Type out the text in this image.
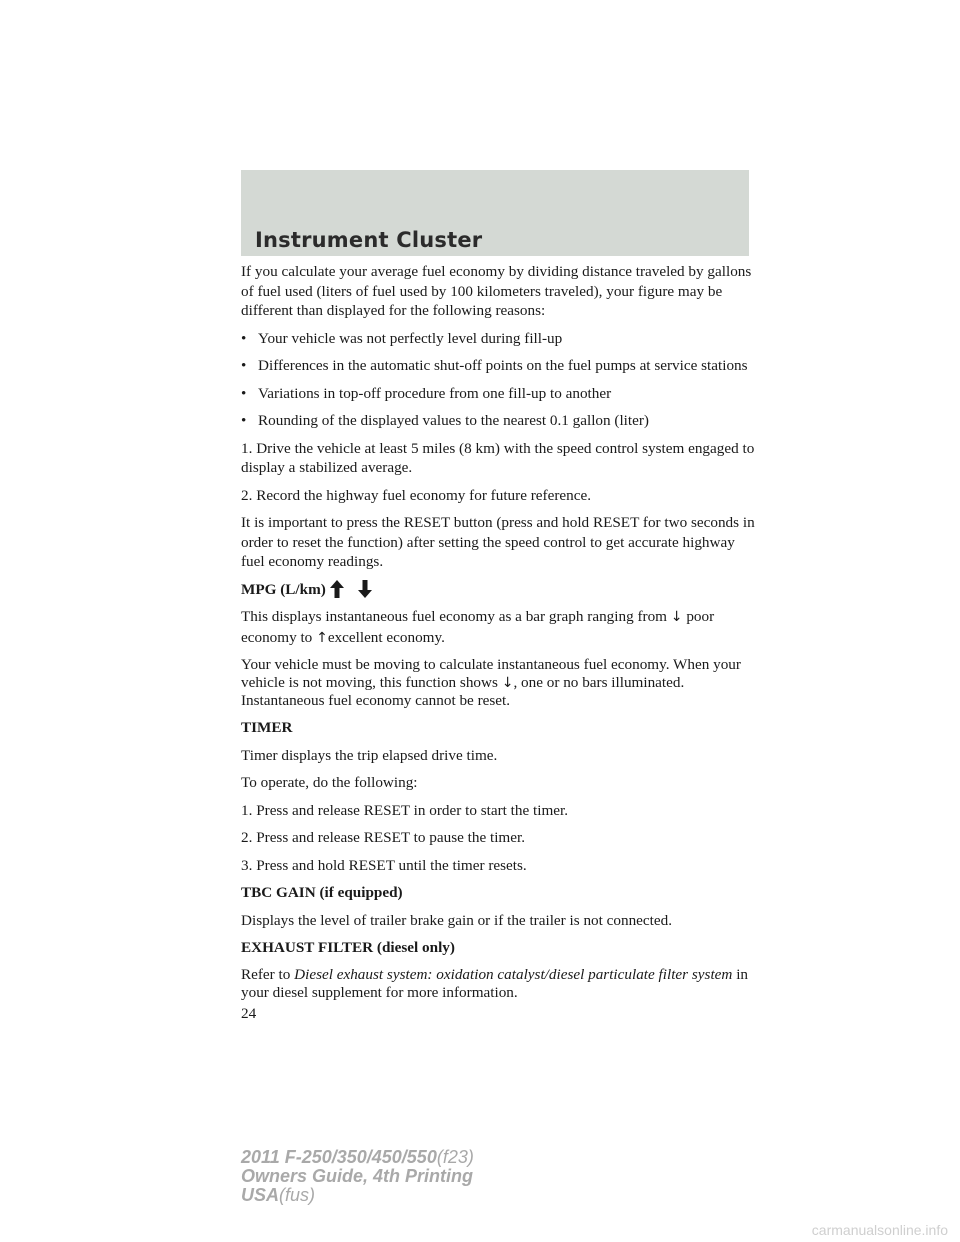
Instrument Cluster

If you calculate your average fuel economy by dividing distance traveled by gallons of fuel used (liters of fuel used by 100 kilometers traveled), your figure may be different than displayed for the following reasons:

• Your vehicle was not perfectly level during fill-up
• Differences in the automatic shut-off points on the fuel pumps at service stations
• Variations in top-off procedure from one fill-up to another
• Rounding of the displayed values to the nearest 0.1 gallon (liter)

1. Drive the vehicle at least 5 miles (8 km) with the speed control system engaged to display a stabilized average.

2. Record the highway fuel economy for future reference.

It is important to press the RESET button (press and hold RESET for two seconds in order to reset the function) after setting the speed control to get accurate highway fuel economy readings.

MPG (L/km)

This displays instantaneous fuel economy as a bar graph ranging from ↓ poor economy to ↑excellent economy.

Your vehicle must be moving to calculate instantaneous fuel economy. When your vehicle is not moving, this function shows ↓, one or no bars illuminated. Instantaneous fuel economy cannot be reset.

TIMER

Timer displays the trip elapsed drive time.

To operate, do the following:

1. Press and release RESET in order to start the timer.

2. Press and release RESET to pause the timer.

3. Press and hold RESET until the timer resets.

TBC GAIN (if equipped)

Displays the level of trailer brake gain or if the trailer is not connected.

EXHAUST FILTER (diesel only)

Refer to Diesel exhaust system: oxidation catalyst/diesel particulate filter system in your diesel supplement for more information.

24
2011 F-250/350/450/550(f23)
Owners Guide, 4th Printing
USA(fus)
carmanualsonline.info
